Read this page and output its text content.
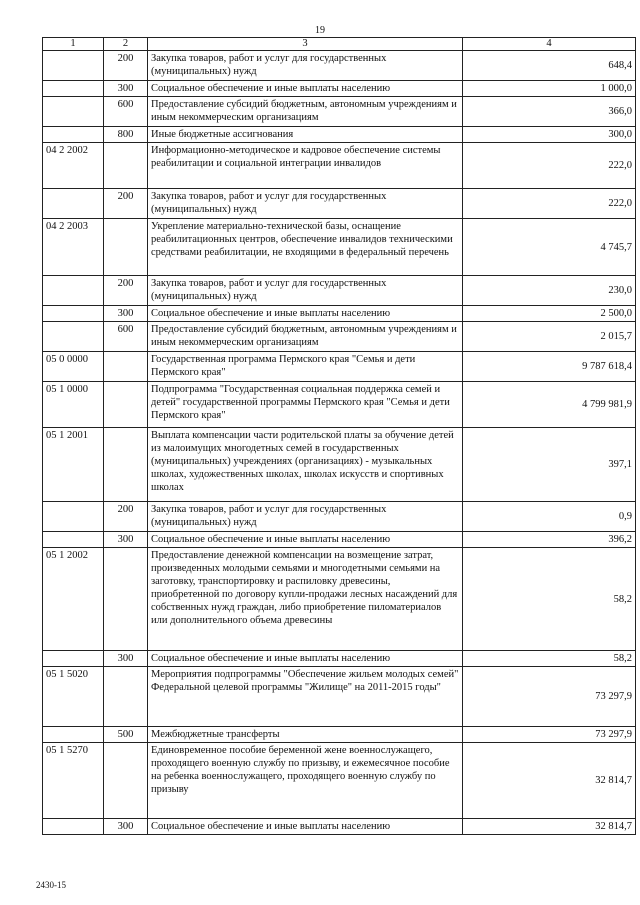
19
1	2	3	4
	200	Закупка товаров, работ и услуг для государственных (муниципальных) нужд	648,4
	300	Социальное обеспечение и иные выплаты населению	1 000,0
	600	Предоставление субсидий бюджетным, автономным учреждениям и иным некоммерческим организациям	366,0
	800	Иные бюджетные ассигнования	300,0
04 2 2002		Информационно-методическое и кадровое обеспечение системы реабилитации и социальной интеграции инвалидов	222,0
	200	Закупка товаров, работ и услуг для государственных (муниципальных) нужд	222,0
04 2 2003		Укрепление материально-технической базы, оснащение реабилитационных центров, обеспечение инвалидов техническими средствами реабилитации, не входящими в федеральный перечень	4 745,7
	200	Закупка товаров, работ и услуг для государственных (муниципальных) нужд	230,0
	300	Социальное обеспечение и иные выплаты населению	2 500,0
	600	Предоставление субсидий бюджетным, автономным учреждениям и иным некоммерческим организациям	2 015,7
05 0 0000		Государственная программа Пермского края "Семья и дети Пермского края"	9 787 618,4
05 1 0000		Подпрограмма "Государственная социальная поддержка семей и детей" государственной программы Пермского края "Семья и дети Пермского края"	4 799 981,9
05 1 2001		Выплата компенсации части родительской платы за обучение детей из малоимущих многодетных семей в государственных (муниципальных) учреждениях (организациях) - музыкальных школах, художественных школах, школах искусств и спортивных школах	397,1
	200	Закупка товаров, работ и услуг для государственных (муниципальных) нужд	0,9
	300	Социальное обеспечение и иные выплаты населению	396,2
05 1 2002		Предоставление денежной компенсации на возмещение затрат, произведенных молодыми семьями и многодетными семьями на заготовку, транспортировку и распиловку древесины, приобретенной по договору купли-продажи лесных насаждений для собственных нужд граждан, либо приобретение пиломатериалов или дополнительного объема древесины	58,2
	300	Социальное обеспечение и иные выплаты населению	58,2
05 1 5020		Мероприятия подпрограммы "Обеспечение жильем молодых семей" Федеральной целевой программы "Жилище" на 2011-2015 годы"	73 297,9
	500	Межбюджетные трансферты	73 297,9
05 1 5270		Единовременное пособие беременной жене военнослужащего, проходящего военную службу по призыву, и ежемесячное пособие на ребенка военнослужащего, проходящего военную службу по призыву	32 814,7
	300	Социальное обеспечение и иные выплаты населению	32 814,7
2430-15
